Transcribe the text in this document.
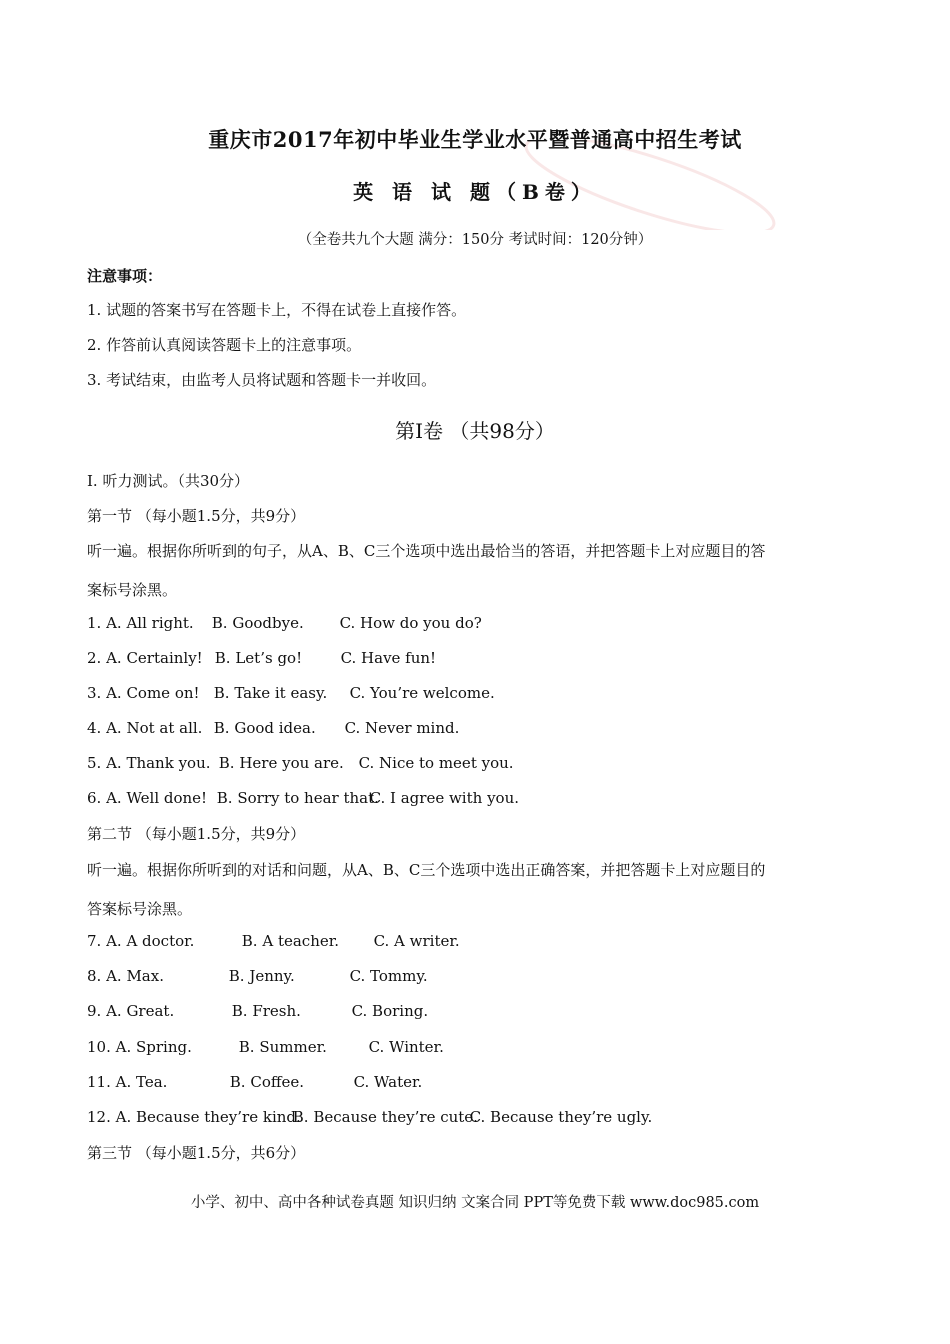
重庆市2017年初中毕业生学业水平暨普通高中招生考试
英 语 试 题（B卷）
（全卷共九个大题 满分：150分 考试时间：120分钟）
注意事项：
1. 试题的答案书写在答题卡上，不得在试卷上直接作答。
2. 作答前认真阅读答题卡上的注意事项。
3. 考试结束，由监考人员将试题和答题卡一并收回。
第I卷 （共98分）
I. 听力测试。（共30分）
第一节 （每小题1.5分，共9分）
听一遍。根据你所听到的句子，从A、B、C三个选项中选出最恰当的答语，并把答题卡上对应题目的答
案标号涂黑。
1. A. All right. B. Goodbye. C. How do you do?
2. A. Certainly! B. Let’s go!	C. Have fun!
3. A. Come on! B. Take it easy. C. You’re welcome.
4. A. Not at all. B. Good idea. C. Never mind.
5. A. Thank you. B. Here you are. C. Nice to meet you.
6. A. Well done! B. Sorry to hear that. C. I agree with you.
第二节 （每小题1.5分，共9分）
听一遍。根据你所听到的对话和问题，从A、B、C三个选项中选出正确答案，并把答题卡上对应题目的
答案标号涂黑。
7. A. A doctor.	B. A teacher. C. A writer.
8. A. Max.	B. Jenny.	C. Tommy.
9. A. Great.	B. Fresh.	C. Boring.
10. A. Spring.	B. Summer.	C. Winter.
11. A. Tea.	B. Coffee.	C. Water.
12. A. Because they’re kind. B. Because they’re cute. C. Because they’re ugly.
第三节 （每小题1.5分，共6分）
小学、初中、高中各种试卷真题 知识归纳 文案合同 PPT等免费下载 www.doc985.com
